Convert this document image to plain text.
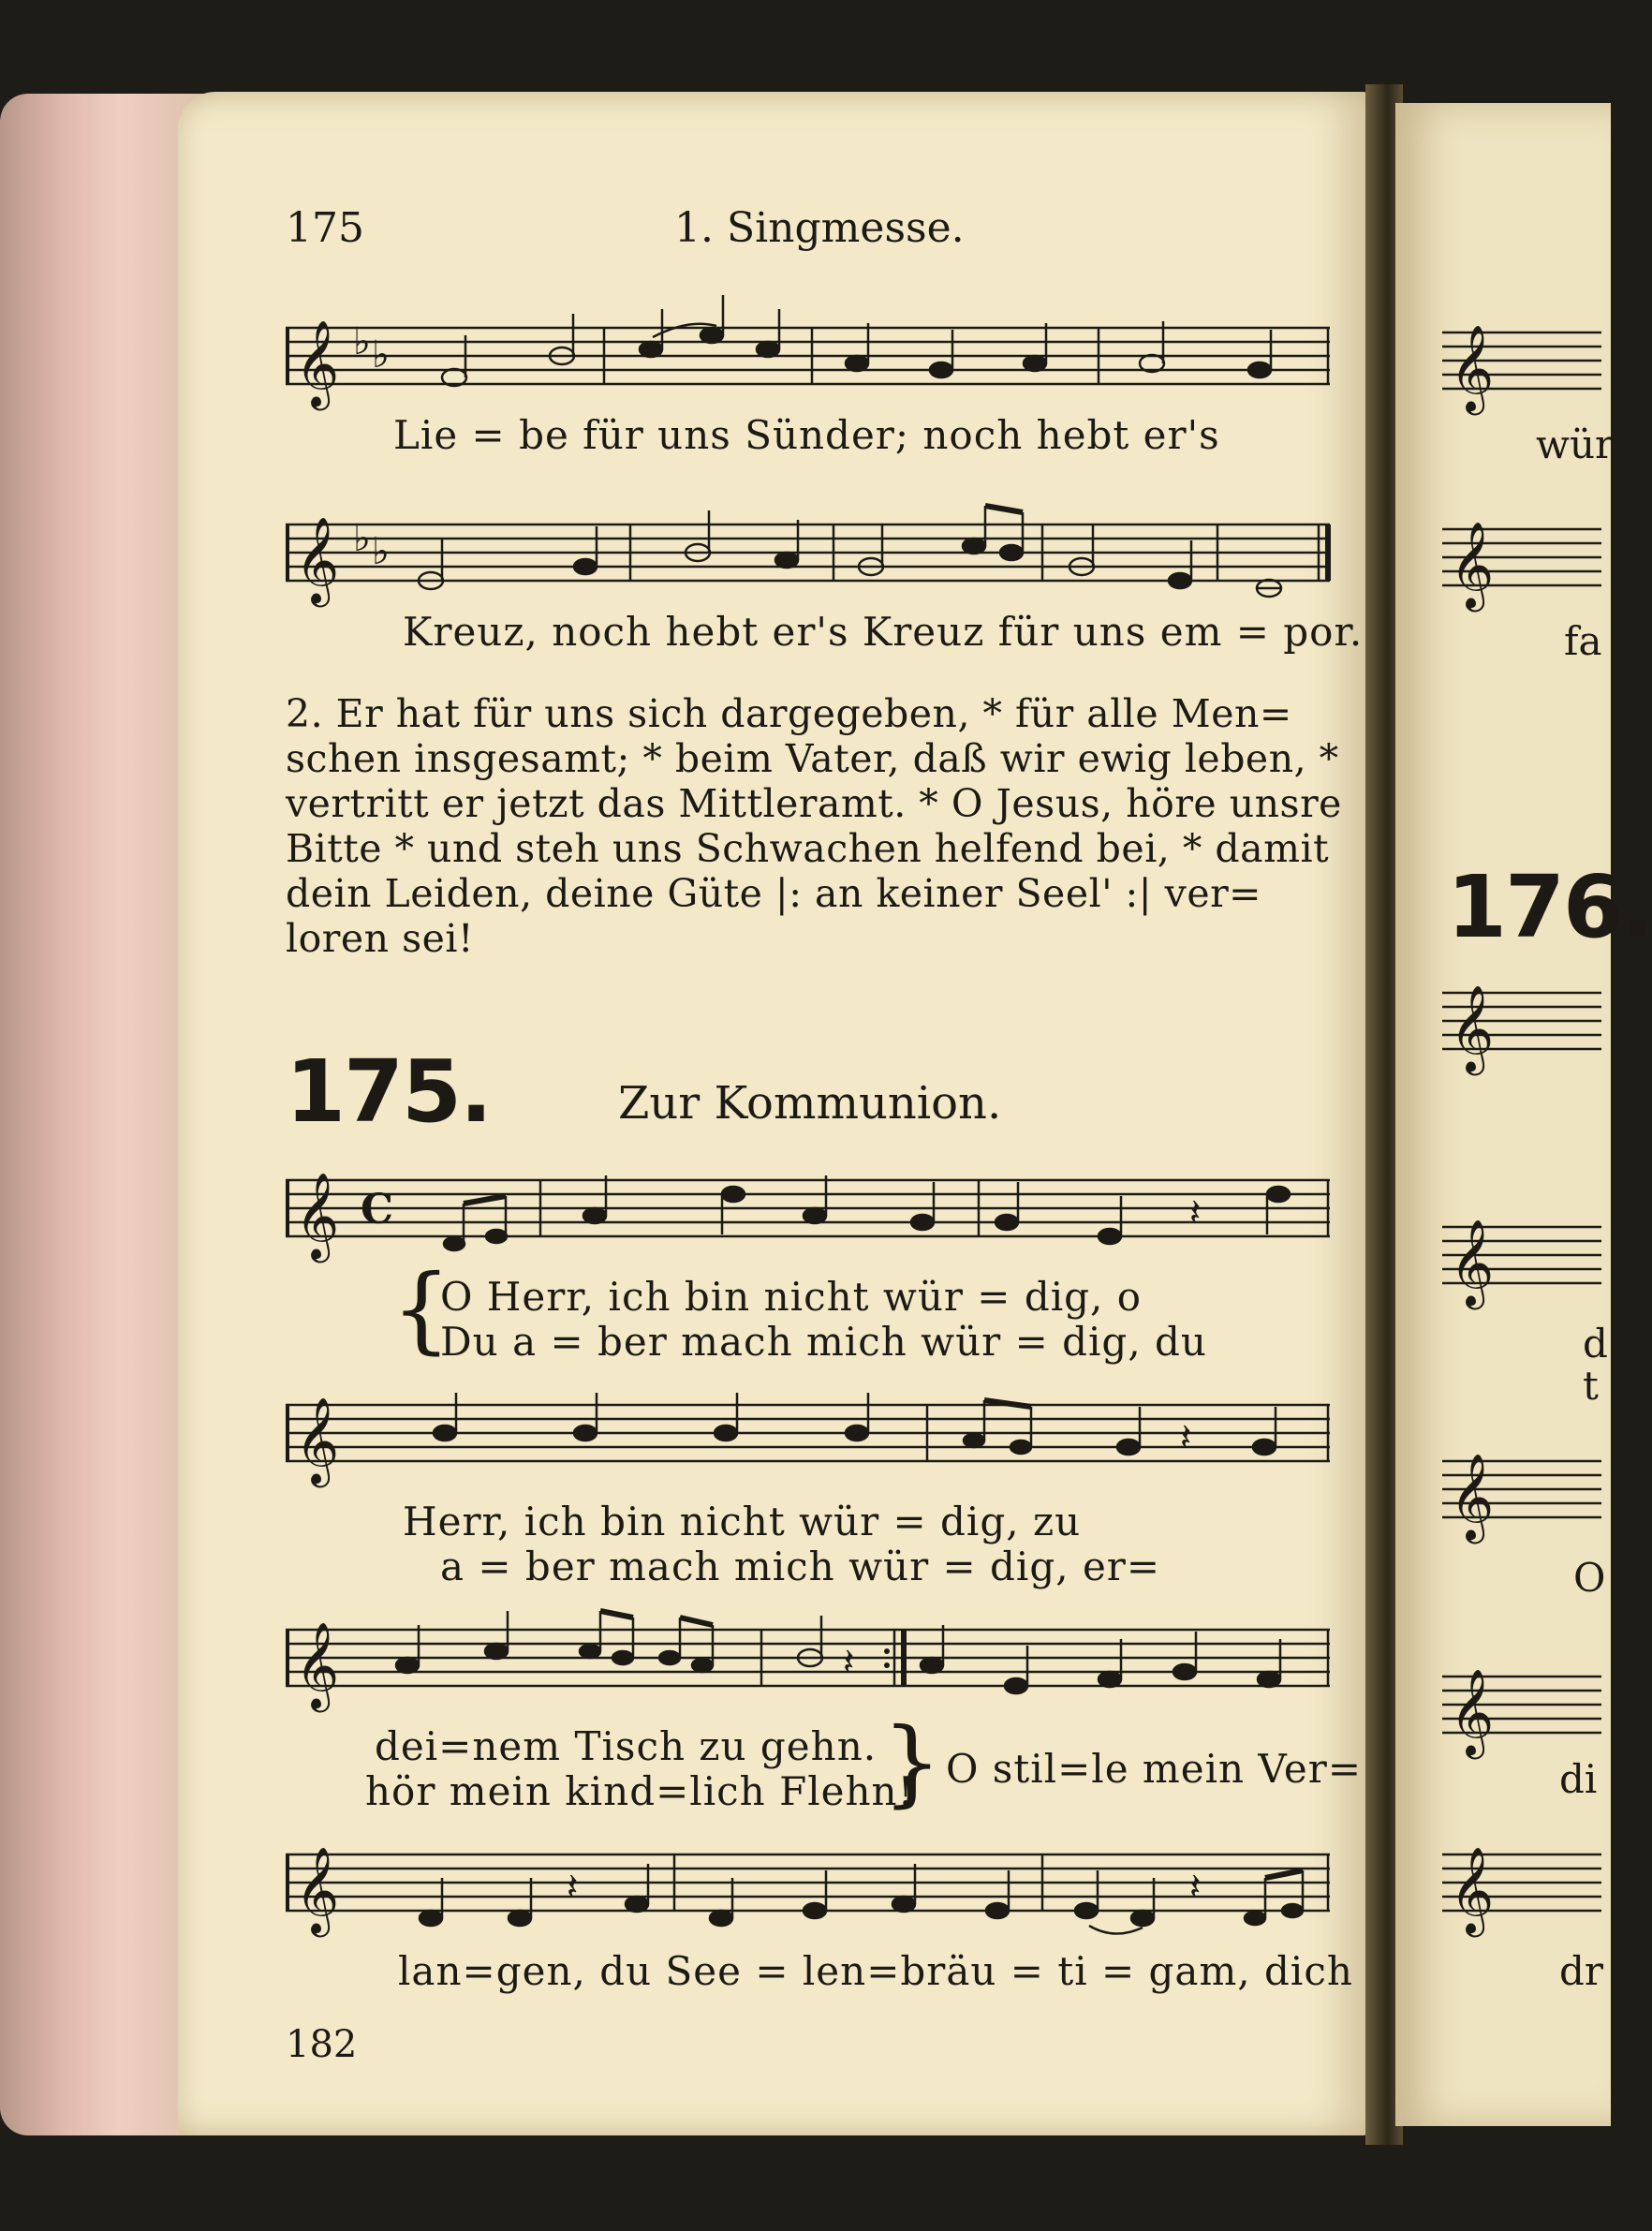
175	1. Singmesse.
𝄞 ♭ ♭
Lie = be für uns Sünder; noch hebt er's
𝄞 ♭ ♭
Kreuz, noch hebt er's Kreuz für uns em = por.
2. Er hat für uns sich dargegeben, * für alle Men=
schen insgesamt; * beim Vater, daß wir ewig leben, *
vertritt er jetzt das Mittleramt. * O Jesus, höre unsre
Bitte * und steh uns Schwachen helfend bei, * damit
dein Leiden, deine Güte |: an keiner Seel' :| ver=
loren sei!
175.	Zur Kommunion.
𝄞 C	𝄽
{
O Herr, ich bin nicht wür = dig, o
Du a = ber mach mich wür = dig, du
𝄞	𝄽
Herr, ich bin nicht wür = dig, zu
a = ber mach mich wür = dig, er=
𝄞	𝄽
dei=nem Tisch zu gehn.
hör mein kind=lich Flehn!
} O stil=le mein Ver=
𝄞	𝄽	𝄽
lan=gen, du See = len=bräu = ti = gam, dich
182
𝄞
𝄞
𝄞
𝄞
𝄞
𝄞
𝄞
176.
wür
fa
d
t
O
di
dr
